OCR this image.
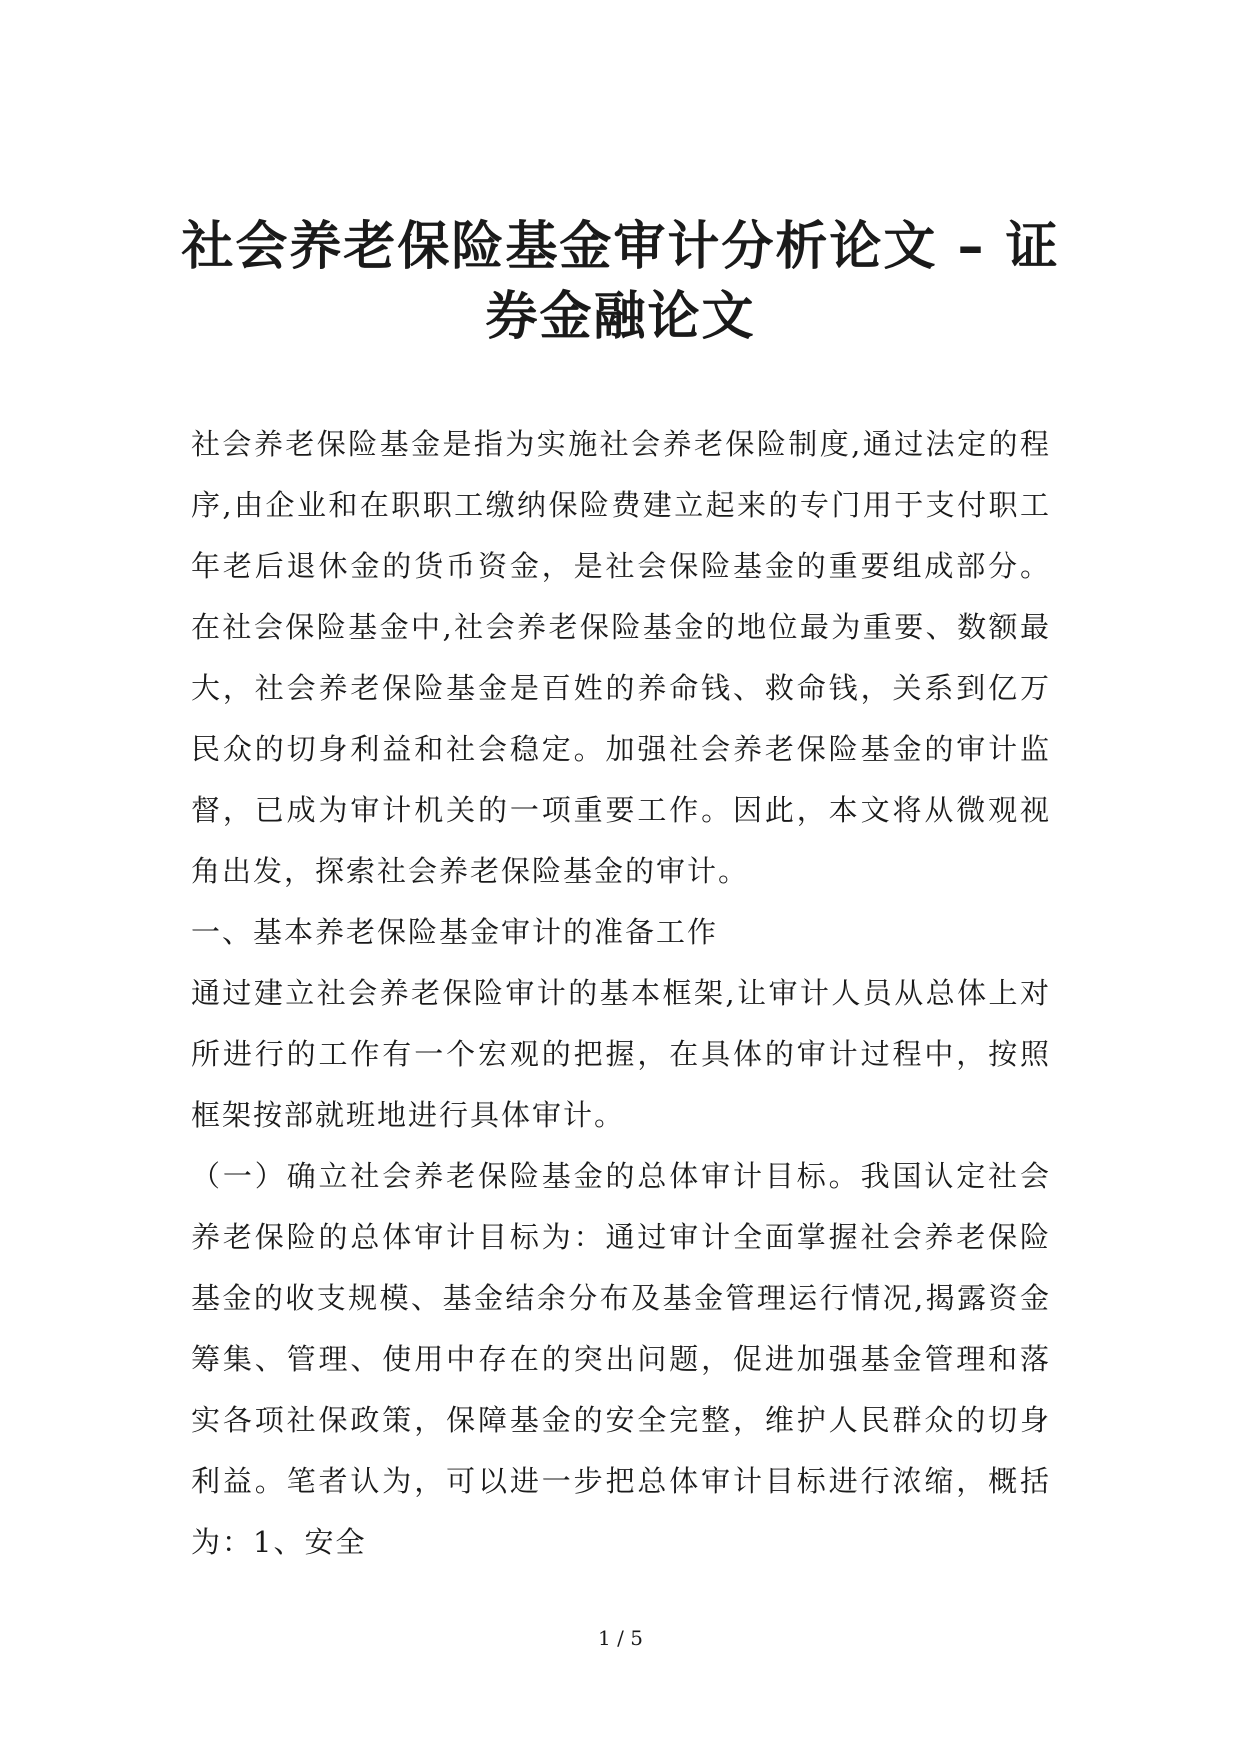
社会养老保险基金审计分析论文 – 证券金融论文

社会养老保险基金是指为实施社会养老保险制度,通过法定的程序,由企业和在职职工缴纳保险费建立起来的专门用于支付职工年老后退休金的货币资金，是社会保险基金的重要组成部分。在社会保险基金中,社会养老保险基金的地位最为重要、数额最大，社会养老保险基金是百姓的养命钱、救命钱，关系到亿万民众的切身利益和社会稳定。加强社会养老保险基金的审计监督，已成为审计机关的一项重要工作。因此，本文将从微观视角出发，探索社会养老保险基金的审计。

一、基本养老保险基金审计的准备工作

通过建立社会养老保险审计的基本框架,让审计人员从总体上对所进行的工作有一个宏观的把握，在具体的审计过程中，按照框架按部就班地进行具体审计。

（一）确立社会养老保险基金的总体审计目标。我国认定社会养老保险的总体审计目标为：通过审计全面掌握社会养老保险基金的收支规模、基金结余分布及基金管理运行情况,揭露资金筹集、管理、使用中存在的突出问题，促进加强基金管理和落实各项社保政策，保障基金的安全完整，维护人民群众的切身利益。笔者认为，可以进一步把总体审计目标进行浓缩，概括为：1、安全

1 / 5
